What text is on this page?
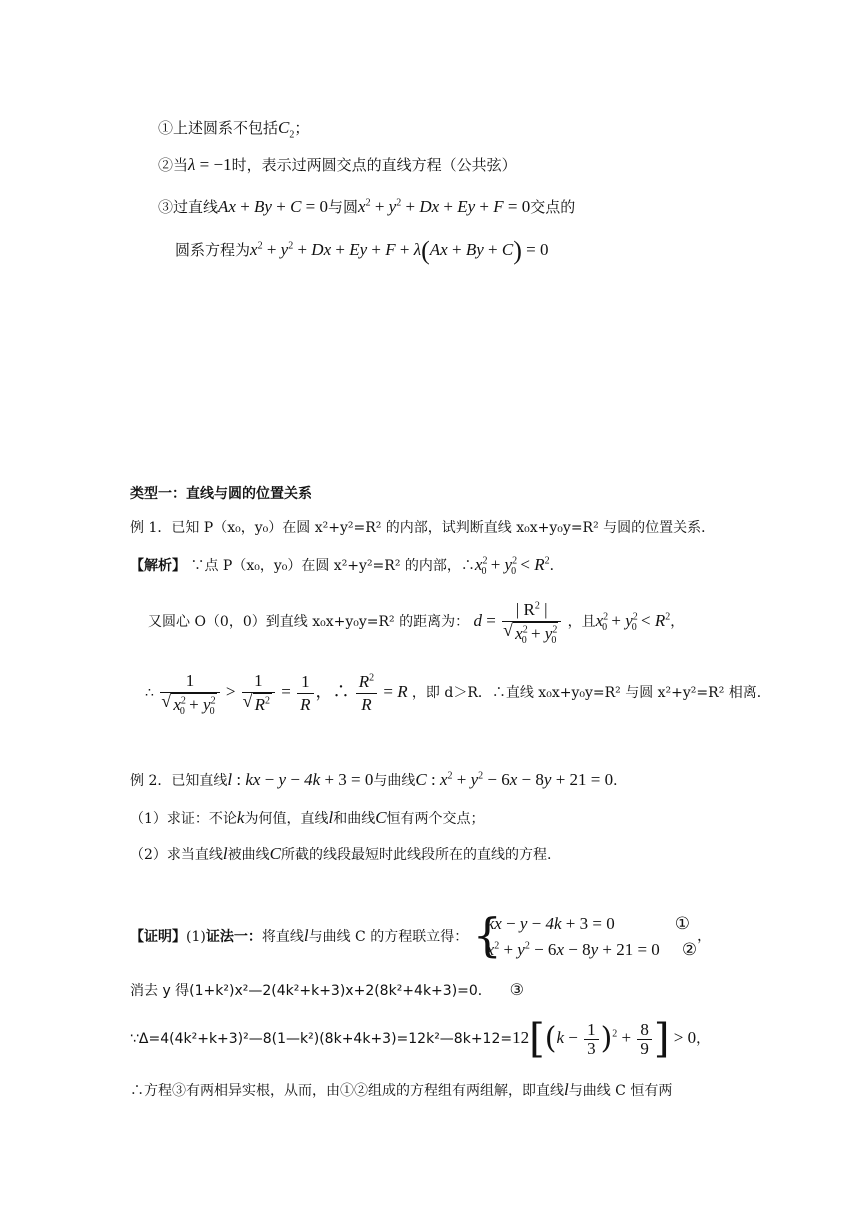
①上述圆系不包括$C_2$；
②当λ = −1时，表示过两圆交点的直线方程（公共弦）
③过直线Ax + By + C = 0与圆$x^2 + y^2 + Dx + Ey + F = 0$交点的
圆系方程为$x^2 + y^2 + Dx + Ey + F + \lambda(Ax + By + C) = 0$
类型一：直线与圆的位置关系
例 1．已知 P（x₀，y₀）在圆 x²+y²=R² 的内部，试判断直线 x₀x+y₀y=R² 与圆的位置关系．
【解析】 ∵点 P（x₀，y₀）在圆 x²+y²=R² 的内部，$\therefore x^2_0 + y^2_0 < R^2$．
又圆心 O（0，0）到直线 x₀x+y₀y=R² 的距离为： d = | $R^2$ |
√ $x^2_0 + y^2_0$ ，且$x^2_0 + y^2_0 < R^2$，
∴ 1
√ $x^2_0 + y^2_0 > 1$
√ $R^2 = \frac{1}{R}$ ，∴ $\frac{R^2}{R} = R$ ，即 d＞R．∴直线 x₀x+y₀y=R² 与圆 x²+y²=R² 相离．
例 2．已知直线l : kx − y − 4k + 3 = 0与曲线C : $x^2 + y^2 - 6x - 8y + 21 = 0$．
（1）求证：不论k为何值，直线l和曲线C恒有两个交点；
（2）求当直线l被曲线C所截的线段最短时此线段所在的直线的方程.
【证明】(1)证法一：将直线l与曲线 C 的方程联立得：
{ kx − y − 4k + 3 = 0	①
$x^2 + y^2 - 6x - 8y + 21 = 0$ ②
，
消去 y 得(1+k²)x²—2(4k²+k+3)x+2(8k²+4k+3)=0． ③
∵Δ=4(4k²+k+3)²—8(1—k²)(8k+4k+3)=12k²—8k+12=12[(k − $\frac{1}{3} )^2 + \frac{8}{9}$ ] > 0，
∴方程③有两相异实根，从而，由①②组成的方程组有两组解，即直线l与曲线 C 恒有两
